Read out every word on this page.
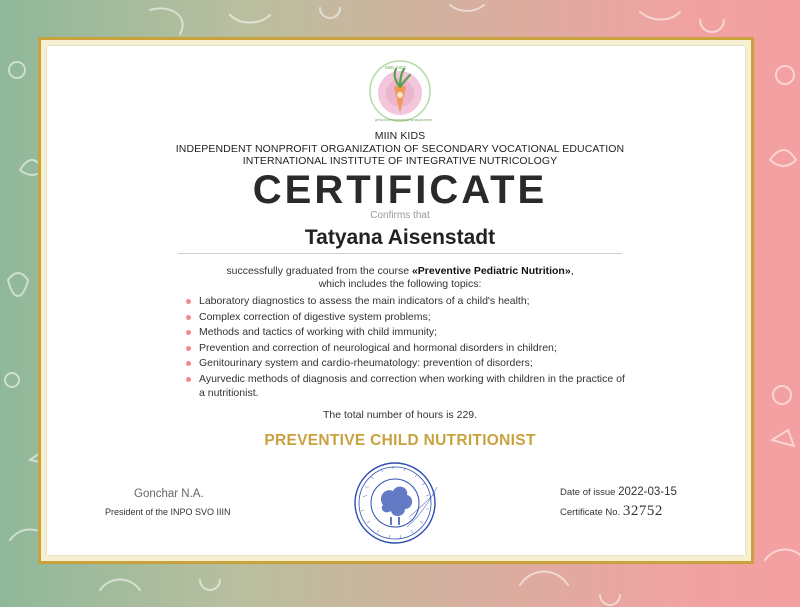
MIIN KIDS
детской интегративной нутрициологии
MIIN KIDS
INDEPENDENT NONPROFIT ORGANIZATION OF SECONDARY VOCATIONAL EDUCATION
INTERNATIONAL INSTITUTE OF INTEGRATIVE NUTRICOLOGY
CERTIFICATE
Confirms that
Tatyana Aisenstadt
successfully graduated from the course «Preventive Pediatric Nutrition»,
which includes the following topics:
Laboratory diagnostics to assess the main indicators of a child's health;
Complex correction of digestive system problems;
Methods and tactics of working with child immunity;
Prevention and correction of neurological and hormonal disorders in children;
Genitourinary system and cardio-rheumatology: prevention of disorders;
Ayurvedic methods of diagnosis and correction when working with children in the practice of a nutritionist.
The total number of hours is 229.
PREVENTIVE CHILD NUTRITIONIST
Gonchar N.A.
President of the INPO SVO IIIN
Date of issue 2022-03-15
Certificate No. 32752
